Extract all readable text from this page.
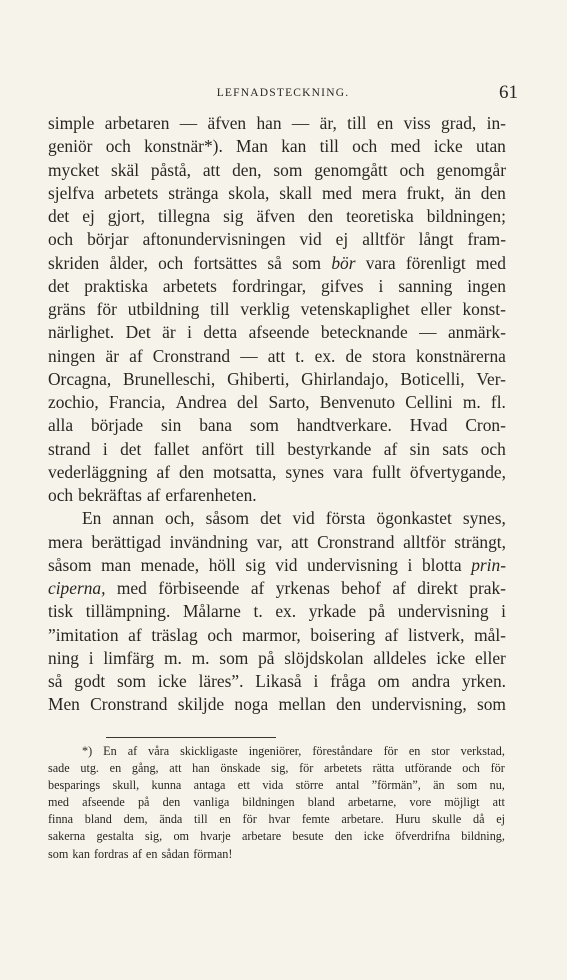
LEFNADSTECKNING.	61
simple arbetaren — äfven han — är, till en viss grad, in-
geniör och konstnär*). Man kan till och med icke utan
mycket skäl påstå, att den, som genomgått och genomgår
sjelfva arbetets stränga skola, skall med mera frukt, än den
det ej gjort, tillegna sig äfven den teoretiska bildningen;
och börjar aftonundervisningen vid ej alltför långt fram-
skriden ålder, och fortsättes så som bör vara förenligt med
det praktiska arbetets fordringar, gifves i sanning ingen
gräns för utbildning till verklig vetenskaplighet eller konst-
närlighet. Det är i detta afseende betecknande — anmärk-
ningen är af Cronstrand — att t. ex. de stora konstnärerna
Orcagna, Brunelleschi, Ghiberti, Ghirlandajo, Boticelli, Ver-
zochio, Francia, Andrea del Sarto, Benvenuto Cellini m. fl.
alla började sin bana som handtverkare. Hvad Cron-
strand i det fallet anfört till bestyrkande af sin sats och
vederläggning af den motsatta, synes vara fullt öfvertygande,
och bekräftas af erfarenheten.
En annan och, såsom det vid första ögonkastet synes,
mera berättigad invändning var, att Cronstrand alltför strängt,
såsom man menade, höll sig vid undervisning i blotta prin-
ciperna, med förbiseende af yrkenas behof af direkt prak-
tisk tillämpning. Målarne t. ex. yrkade på undervisning i
”imitation af träslag och marmor, boisering af listverk, mål-
ning i limfärg m. m. som på slöjdskolan alldeles icke eller
så godt som icke läres”. Likaså i fråga om andra yrken.
Men Cronstrand skiljde noga mellan den undervisning, som
*) En af våra skickligaste ingeniörer, föreståndare för en stor verkstad,
sade utg. en gång, att han önskade sig, för arbetets rätta utförande och för
besparings skull, kunna antaga ett vida större antal ”förmän”, än som nu,
med afseende på den vanliga bildningen bland arbetarne, vore möjligt att
finna bland dem, ända till en för hvar femte arbetare. Huru skulle då ej
sakerna gestalta sig, om hvarje arbetare besute den icke öfverdrifna bildning,
som kan fordras af en sådan förman!
